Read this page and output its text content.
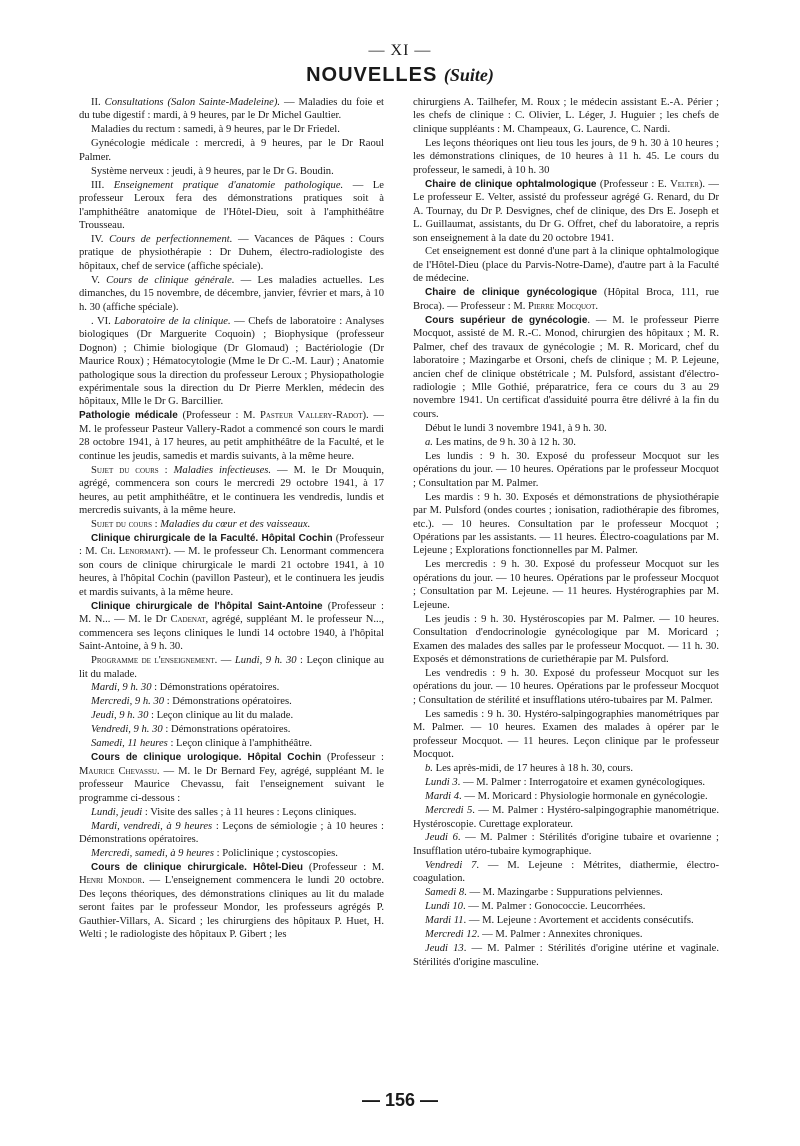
— XI —
NOUVELLES (Suite)

II. Consultations (Salon Sainte-Madeleine). — Maladies du foie et du tube digestif : mardi, à 9 heures, par le Dr Michel Gaultier.

Maladies du rectum : samedi, à 9 heures, par le Dr Friedel.

Gynécologie médicale : mercredi, à 9 heures, par le Dr Raoul Palmer.

Système nerveux : jeudi, à 9 heures, par le Dr G. Boudin.

III. Enseignement pratique d'anatomie pathologique. — Le professeur Leroux fera des démonstrations pratiques soit à l'amphithéâtre anatomique de l'Hôtel-Dieu, soit à l'amphithéâtre Trousseau.

IV. Cours de perfectionnement. — Vacances de Pâques : Cours pratique de physiothérapie : Dr Duhem, électro-radiologiste des hôpitaux, chef de service (affiche spéciale).

V. Cours de clinique générale. — Les maladies actuelles. Les dimanches, du 15 novembre, de décembre, janvier, février et mars, à 10 h. 30 (affiche spéciale).

. VI. Laboratoire de la clinique. — Chefs de laboratoire : Analyses biologiques (Dr Marguerite Coquoin) ; Biophysique (professeur Dognon) ; Chimie biologique (Dr Glomaud) ; Bactériologie (Dr Maurice Roux) ; Hématocytologie (Mme le Dr C.-M. Laur) ; Anatomie pathologique sous la direction du professeur Leroux ; Physiopathologie expérimentale sous la direction du Dr Pierre Merklen, médecin des hôpitaux, Mlle le Dr G. Barcillier.

Pathologie médicale (Professeur : M. Pasteur Vallery-Radot). — M. le professeur Pasteur Vallery-Radot a commencé son cours le mardi 28 octobre 1941, à 17 heures, au petit amphithéâtre de la Faculté, et le continue les jeudis, samedis et mardis suivants, à la même heure.

Sujet du cours : Maladies infectieuses. — M. le Dr Mouquin, agrégé, commencera son cours le mercredi 29 octobre 1941, à 17 heures, au petit amphithéâtre, et le continuera les vendredis, lundis et mercredis suivants, à la même heure.

Sujet du cours : Maladies du cœur et des vaisseaux.

Clinique chirurgicale de la Faculté. Hôpital Cochin (Professeur : M. Ch. Lenormant). — M. le professeur Ch. Lenormant commencera son cours de clinique chirurgicale le mardi 21 octobre 1941, à 10 heures, à l'hôpital Cochin (pavillon Pasteur), et le continuera les jeudis et mardis suivants, à la même heure.

Clinique chirurgicale de l'hôpital Saint-Antoine (Professeur : M. N... — M. le Dr Cadenat, agrégé, suppléant M. le professeur N..., commencera ses leçons cliniques le lundi 14 octobre 1940, à l'hôpital Saint-Antoine, à 9 h. 30.

Programme de l'enseignement. — Lundi, 9 h. 30 : Leçon clinique au lit du malade.

Mardi, 9 h. 30 : Démonstrations opératoires.

Mercredi, 9 h. 30 : Démonstrations opératoires.

Jeudi, 9 h. 30 : Leçon clinique au lit du malade.

Vendredi, 9 h. 30 : Démonstrations opératoires.

Samedi, 11 heures : Leçon clinique à l'amphithéâtre.

Cours de clinique urologique. Hôpital Cochin (Professeur : Maurice Chevassu. — M. le Dr Bernard Fey, agrégé, suppléant M. le professeur Maurice Chevassu, fait l'enseignement suivant le programme ci-dessous :

Lundi, jeudi : Visite des salles ; à 11 heures : Leçons cliniques.

Mardi, vendredi, à 9 heures : Leçons de sémiologie ; à 10 heures : Démonstrations opératoires.

Mercredi, samedi, à 9 heures : Policlinique ; cystoscopies.

Cours de clinique chirurgicale. Hôtel-Dieu (Professeur : M. Henri Mondor. — L'enseignement commencera le lundi 20 octobre. Des leçons théoriques, des démonstrations cliniques au lit du malade seront faites par le professeur Mondor, les professeurs agrégés P. Gauthier-Villars, A. Sicard ; les chirurgiens des hôpitaux P. Huet, H. Welti ; le radiologiste des hôpitaux P. Gibert ; les

chirurgiens A. Tailhefer, M. Roux ; le médecin assistant E.-A. Périer ; les chefs de clinique : C. Olivier, L. Léger, J. Huguier ; les chefs de clinique suppléants : M. Champeaux, G. Laurence, C. Nardi.

Les leçons théoriques ont lieu tous les jours, de 9 h. 30 à 10 heures ; les démonstrations cliniques, de 10 heures à 11 h. 45. Le cours du professeur, le samedi, à 10 h. 30

Chaire de clinique ophtalmologique (Professeur : E. Velter). — Le professeur E. Velter, assisté du professeur agrégé G. Renard, du Dr A. Tournay, du Dr P. Desvignes, chef de clinique, des Drs E. Joseph et L. Guillaumat, assistants, du Dr G. Offret, chef du laboratoire, a repris son enseignement à la date du 20 octobre 1941.

Cet enseignement est donné d'une part à la clinique ophtalmologique de l'Hôtel-Dieu (place du Parvis-Notre-Dame), d'autre part à la Faculté de médecine.

Chaire de clinique gynécologique (Hôpital Broca, 111, rue Broca). — Professeur : M. Pierre Mocquot.

Cours supérieur de gynécologie. — M. le professeur Pierre Mocquot, assisté de M. R.-C. Monod, chirurgien des hôpitaux ; M. R. Palmer, chef des travaux de gynécologie ; M. R. Moricard, chef du laboratoire ; Mazingarbe et Orsoni, chefs de clinique ; M. P. Lejeune, ancien chef de clinique obstétricale ; M. Pulsford, assistant d'électro-radiologie ; Mlle Gothié, préparatrice, fera ce cours du 3 au 29 novembre 1941. Un certificat d'assiduité pourra être délivré à la fin du cours.

Début le lundi 3 novembre 1941, à 9 h. 30.

a. Les matins, de 9 h. 30 à 12 h. 30.

Les lundis : 9 h. 30. Exposé du professeur Mocquot sur les opérations du jour. — 10 heures. Opérations par le professeur Mocquot ; Consultation par M. Palmer.

Les mardis : 9 h. 30. Exposés et démonstrations de physiothérapie par M. Pulsford (ondes courtes ; ionisation, radiothérapie des fibromes, etc.). — 10 heures. Consultation par le professeur Mocquot ; Opérations par les assistants. — 11 heures. Électro-coagulations par M. Lejeune ; Explorations fonctionnelles par M. Palmer.

Les mercredis : 9 h. 30. Exposé du professeur Mocquot sur les opérations du jour. — 10 heures. Opérations par le professeur Mocquot ; Consultation par M. Lejeune. — 11 heures. Hystérographies par M. Lejeune.

Les jeudis : 9 h. 30. Hystéroscopies par M. Palmer. — 10 heures. Consultation d'endocrinologie gynécologique par M. Moricard ; Examen des malades des salles par le professeur Mocquot. — 11 h. 30. Exposés et démonstrations de curiethérapie par M. Pulsford.

Les vendredis : 9 h. 30. Exposé du professeur Mocquot sur les opérations du jour. — 10 heures. Opérations par le professeur Mocquot ; Consultation de stérilité et insufflations utéro-tubaires par M. Palmer.

Les samedis : 9 h. 30. Hystéro-salpingographies manométriques par M. Palmer. — 10 heures. Examen des malades à opérer par le professeur Mocquot. — 11 heures. Leçon clinique par le professeur Mocquot.

b. Les après-midi, de 17 heures à 18 h. 30, cours.

Lundi 3. — M. Palmer : Interrogatoire et examen gynécologiques.

Mardi 4. — M. Moricard : Physiologie hormonale en gynécologie.

Mercredi 5. — M. Palmer : Hystéro-salpingographie manométrique. Hystéroscopie. Curettage explorateur.

Jeudi 6. — M. Palmer : Stérilités d'origine tubaire et ovarienne ; Insufflation utéro-tubaire kymographique.

Vendredi 7. — M. Lejeune : Métrites, diathermie, électro-coagulation.

Samedi 8. — M. Mazingarbe : Suppurations pelviennes.

Lundi 10. — M. Palmer : Gonococcie. Leucorrhées.

Mardi 11. — M. Lejeune : Avortement et accidents consécutifs.

Mercredi 12. — M. Palmer : Annexites chroniques.

Jeudi 13. — M. Palmer : Stérilités d'origine utérine et vaginale. Stérilités d'origine masculine.

— 156 —
